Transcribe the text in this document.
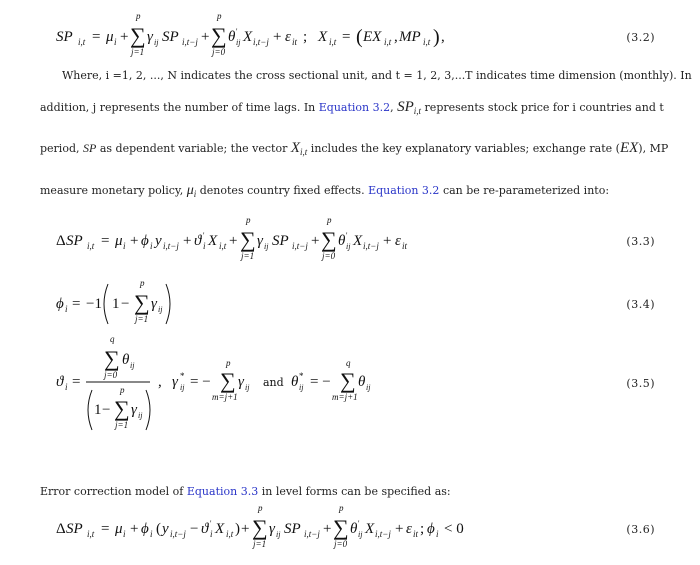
SP i,t = μ i +
p
∑
j=1
γ ij SP i,t−j +
p
∑
j=0
θ ij
' X i,t−j + ε it ; X i,t = ( EX i,t , MP i,t ) ,	(3.2)
Where, i =1, 2, ..., N indicates the cross sectional unit, and t = 1, 2, 3,...T indicates time dimension (monthly). In
addition, j represents the number of time lags. In Equation 3.2, $SP_{i,t}$ represents stock price for i countries and t
period, SP as dependent variable; the vector $X_{i,t}$ includes the key explanatory variables; exchange rate (EX), MP
measure monetary policy, $\mu_i$ denotes country fixed effects. Equation 3.2 can be re-parameterized into:
Δ SP i,t = μ i + ϕ i y i,t−j + ϑ i
' X i,t +
p
∑
j=1
γ ij SP i,t−j +
p
∑
j=0
θ ij
' X i,t−j + ε it	(3.3)
ϕ i = −1 1 −
p
∑
j=1
γ ij	(3.4)
ϑ i =
q
∑
j=0
θ ij
1 −
p
∑
j=1
γ ij
, γ ij
* = −
p
∑
m=j+1
γ ij and θ ij
* = −
q
∑
m=j+1
θ ij	(3.5)
Error correction model of Equation 3.3 in level forms can be specified as:
Δ SP i,t = μ i + ϕ i ( y i,t−j − ϑ i
' X i,t ) +
p
∑
j=1
γ ij SP i,t−j +
p
∑
j=0
θ ij
' X i,t−j + ε it ; ϕ i < 0	(3.6)
